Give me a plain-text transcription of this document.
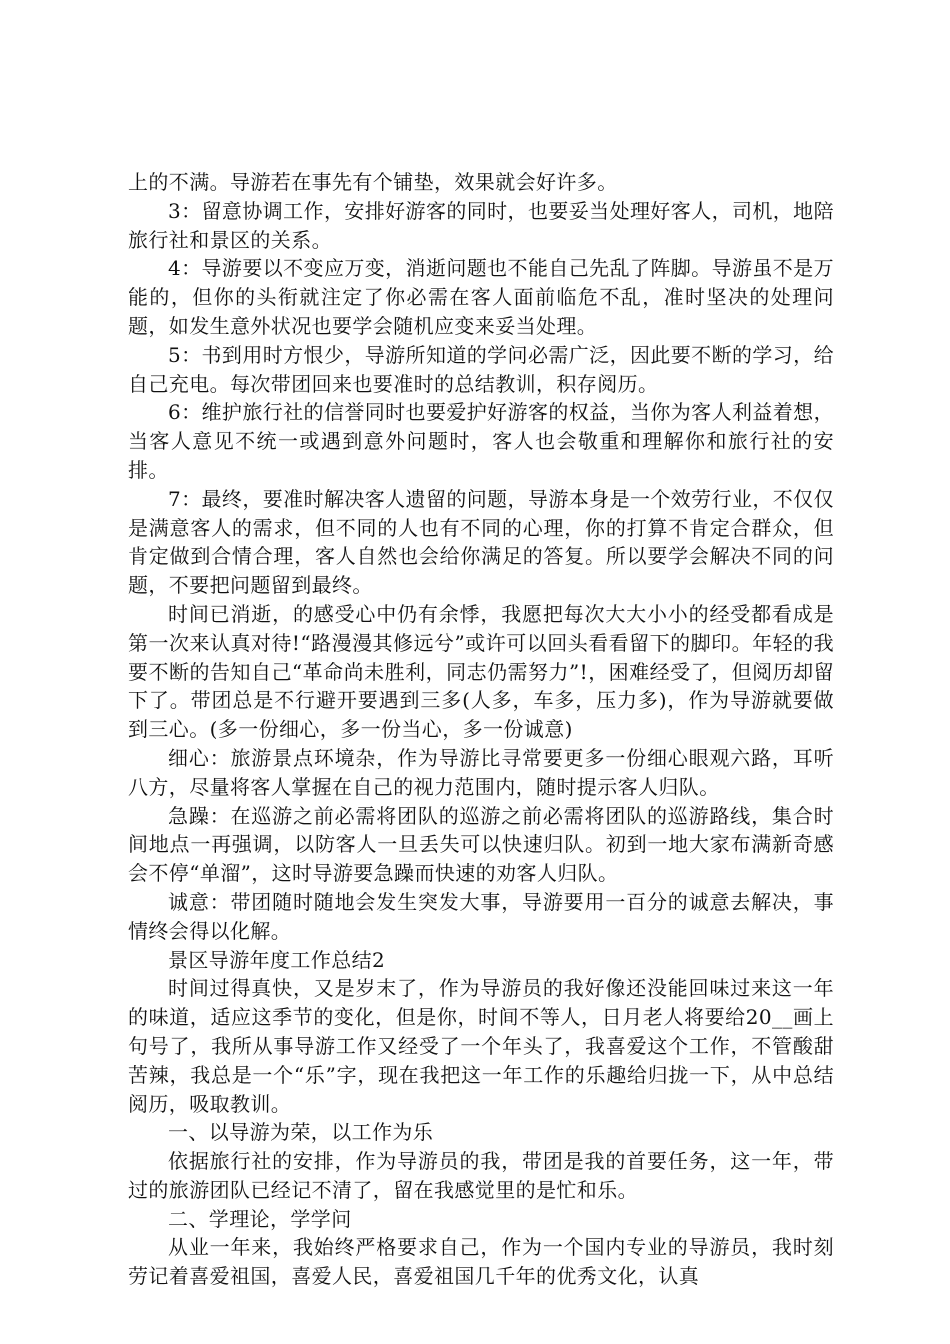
上的不满。导游若在事先有个铺垫，效果就会好许多。

3：留意协调工作，安排好游客的同时，也要妥当处理好客人，司机，地陪旅行社和景区的关系。

4：导游要以不变应万变，消逝问题也不能自己先乱了阵脚。导游虽不是万能的，但你的头衔就注定了你必需在客人面前临危不乱，准时坚决的处理问题，如发生意外状况也要学会随机应变来妥当处理。

5：书到用时方恨少，导游所知道的学问必需广泛，因此要不断的学习，给自己充电。每次带团回来也要准时的总结教训，积存阅历。

6：维护旅行社的信誉同时也要爱护好游客的权益，当你为客人利益着想，当客人意见不统一或遇到意外问题时，客人也会敬重和理解你和旅行社的安排。

7：最终，要准时解决客人遗留的问题，导游本身是一个效劳行业，不仅仅是满意客人的需求，但不同的人也有不同的心理，你的打算不肯定合群众，但肯定做到合情合理，客人自然也会给你满足的答复。所以要学会解决不同的问题，不要把问题留到最终。

时间已消逝，的感受心中仍有余悸，我愿把每次大大小小的经受都看成是第一次来认真对待!“路漫漫其修远兮”或许可以回头看看留下的脚印。年轻的我要不断的告知自己“革命尚未胜利，同志仍需努力”!，困难经受了，但阅历却留下了。带团总是不行避开要遇到三多(人多，车多，压力多)，作为导游就要做到三心。(多一份细心，多一份当心，多一份诚意)

细心：旅游景点环境杂，作为导游比寻常要更多一份细心眼观六路，耳听八方，尽量将客人掌握在自己的视力范围内，随时提示客人归队。

急躁：在巡游之前必需将团队的巡游之前必需将团队的巡游路线，集合时间地点一再强调，以防客人一旦丢失可以快速归队。初到一地大家布满新奇感会不停“单溜”，这时导游要急躁而快速的劝客人归队。

诚意：带团随时随地会发生突发大事，导游要用一百分的诚意去解决，事情终会得以化解。

景区导游年度工作总结2

时间过得真快，又是岁末了，作为导游员的我好像还没能回味过来这一年的味道，适应这季节的变化，但是你，时间不等人，日月老人将要给20__画上句号了，我所从事导游工作又经受了一个年头了，我喜爱这个工作，不管酸甜苦辣，我总是一个“乐”字，现在我把这一年工作的乐趣给归拢一下，从中总结阅历，吸取教训。

一、以导游为荣，以工作为乐

依据旅行社的安排，作为导游员的我，带团是我的首要任务，这一年，带过的旅游团队已经记不清了，留在我感觉里的是忙和乐。

二、学理论，学学问

从业一年来，我始终严格要求自己，作为一个国内专业的导游员，我时刻劳记着喜爱祖国，喜爱人民，喜爱祖国几千年的优秀文化，认真
